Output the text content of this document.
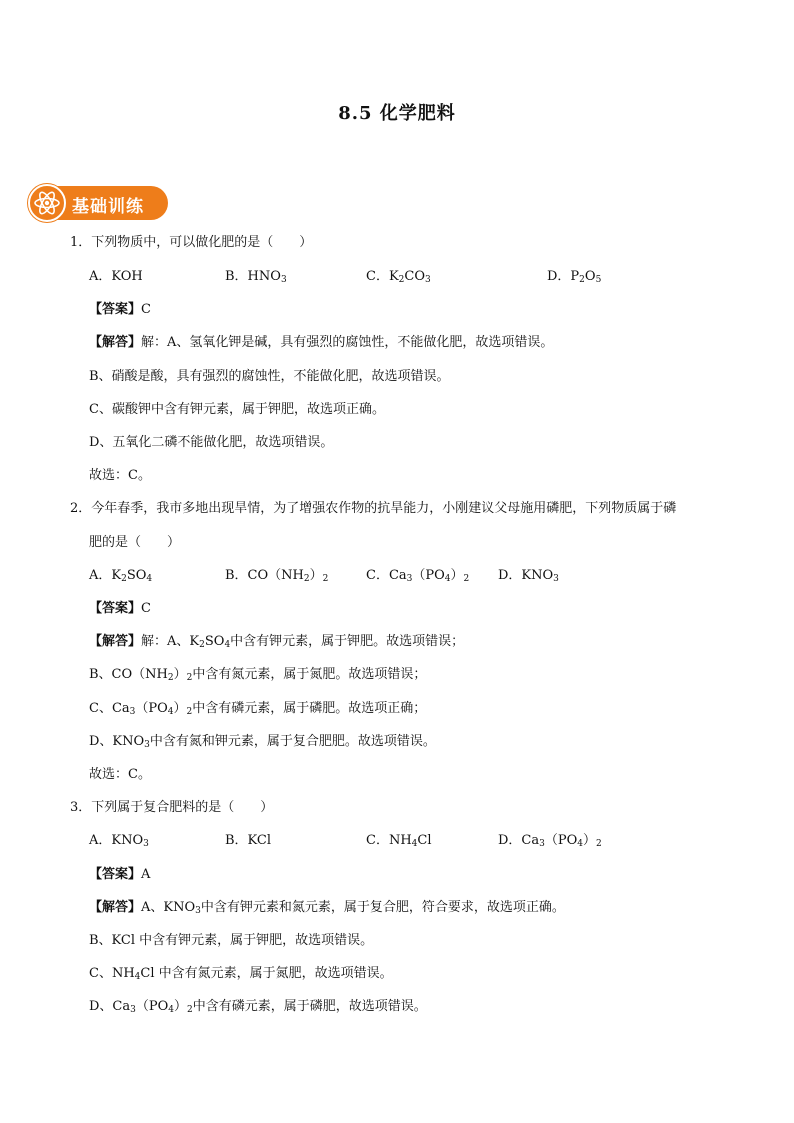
8.5 化学肥料
基础训练
1．下列物质中，可以做化肥的是（　　）
A．KOH	B．$HNO_3$	C．$K_2CO_3$	D．$P_2O_5$
【答案】C
【解答】解：A、氢氧化钾是碱，具有强烈的腐蚀性，不能做化肥，故选项错误。
B、硝酸是酸，具有强烈的腐蚀性，不能做化肥，故选项错误。
C、碳酸钾中含有钾元素，属于钾肥，故选项正确。
D、五氧化二磷不能做化肥，故选项错误。
故选：C。
2．今年春季，我市多地出现旱情，为了增强农作物的抗旱能力，小刚建议父母施用磷肥，下列物质属于磷
肥的是（　　）
A．$K_2SO_4$	B．$CO(NH_2)_2$	C．$Ca_3(PO_4)_2$ D．$KNO_3$
【答案】C
【解答】解：A、$K_2SO_4$中含有钾元素，属于钾肥。故选项错误；
B、$CO(NH_2)_2$中含有氮元素，属于氮肥。故选项错误；
C、$Ca_3(PO_4)_2$中含有磷元素，属于磷肥。故选项正确；
D、$KNO_3$中含有氮和钾元素，属于复合肥肥。故选项错误。
故选：C。
3．下列属于复合肥料的是（　　）
A．$KNO_3$	B．KCl	C．$NH_4Cl$	D．$Ca_3(PO_4)_2$
【答案】A
【解答】A、$KNO_3$中含有钾元素和氮元素，属于复合肥，符合要求，故选项正确。
B、KCl 中含有钾元素，属于钾肥，故选项错误。
C、$NH_4Cl$ 中含有氮元素，属于氮肥，故选项错误。
D、$Ca_3(PO_4)_2$中含有磷元素，属于磷肥，故选项错误。
